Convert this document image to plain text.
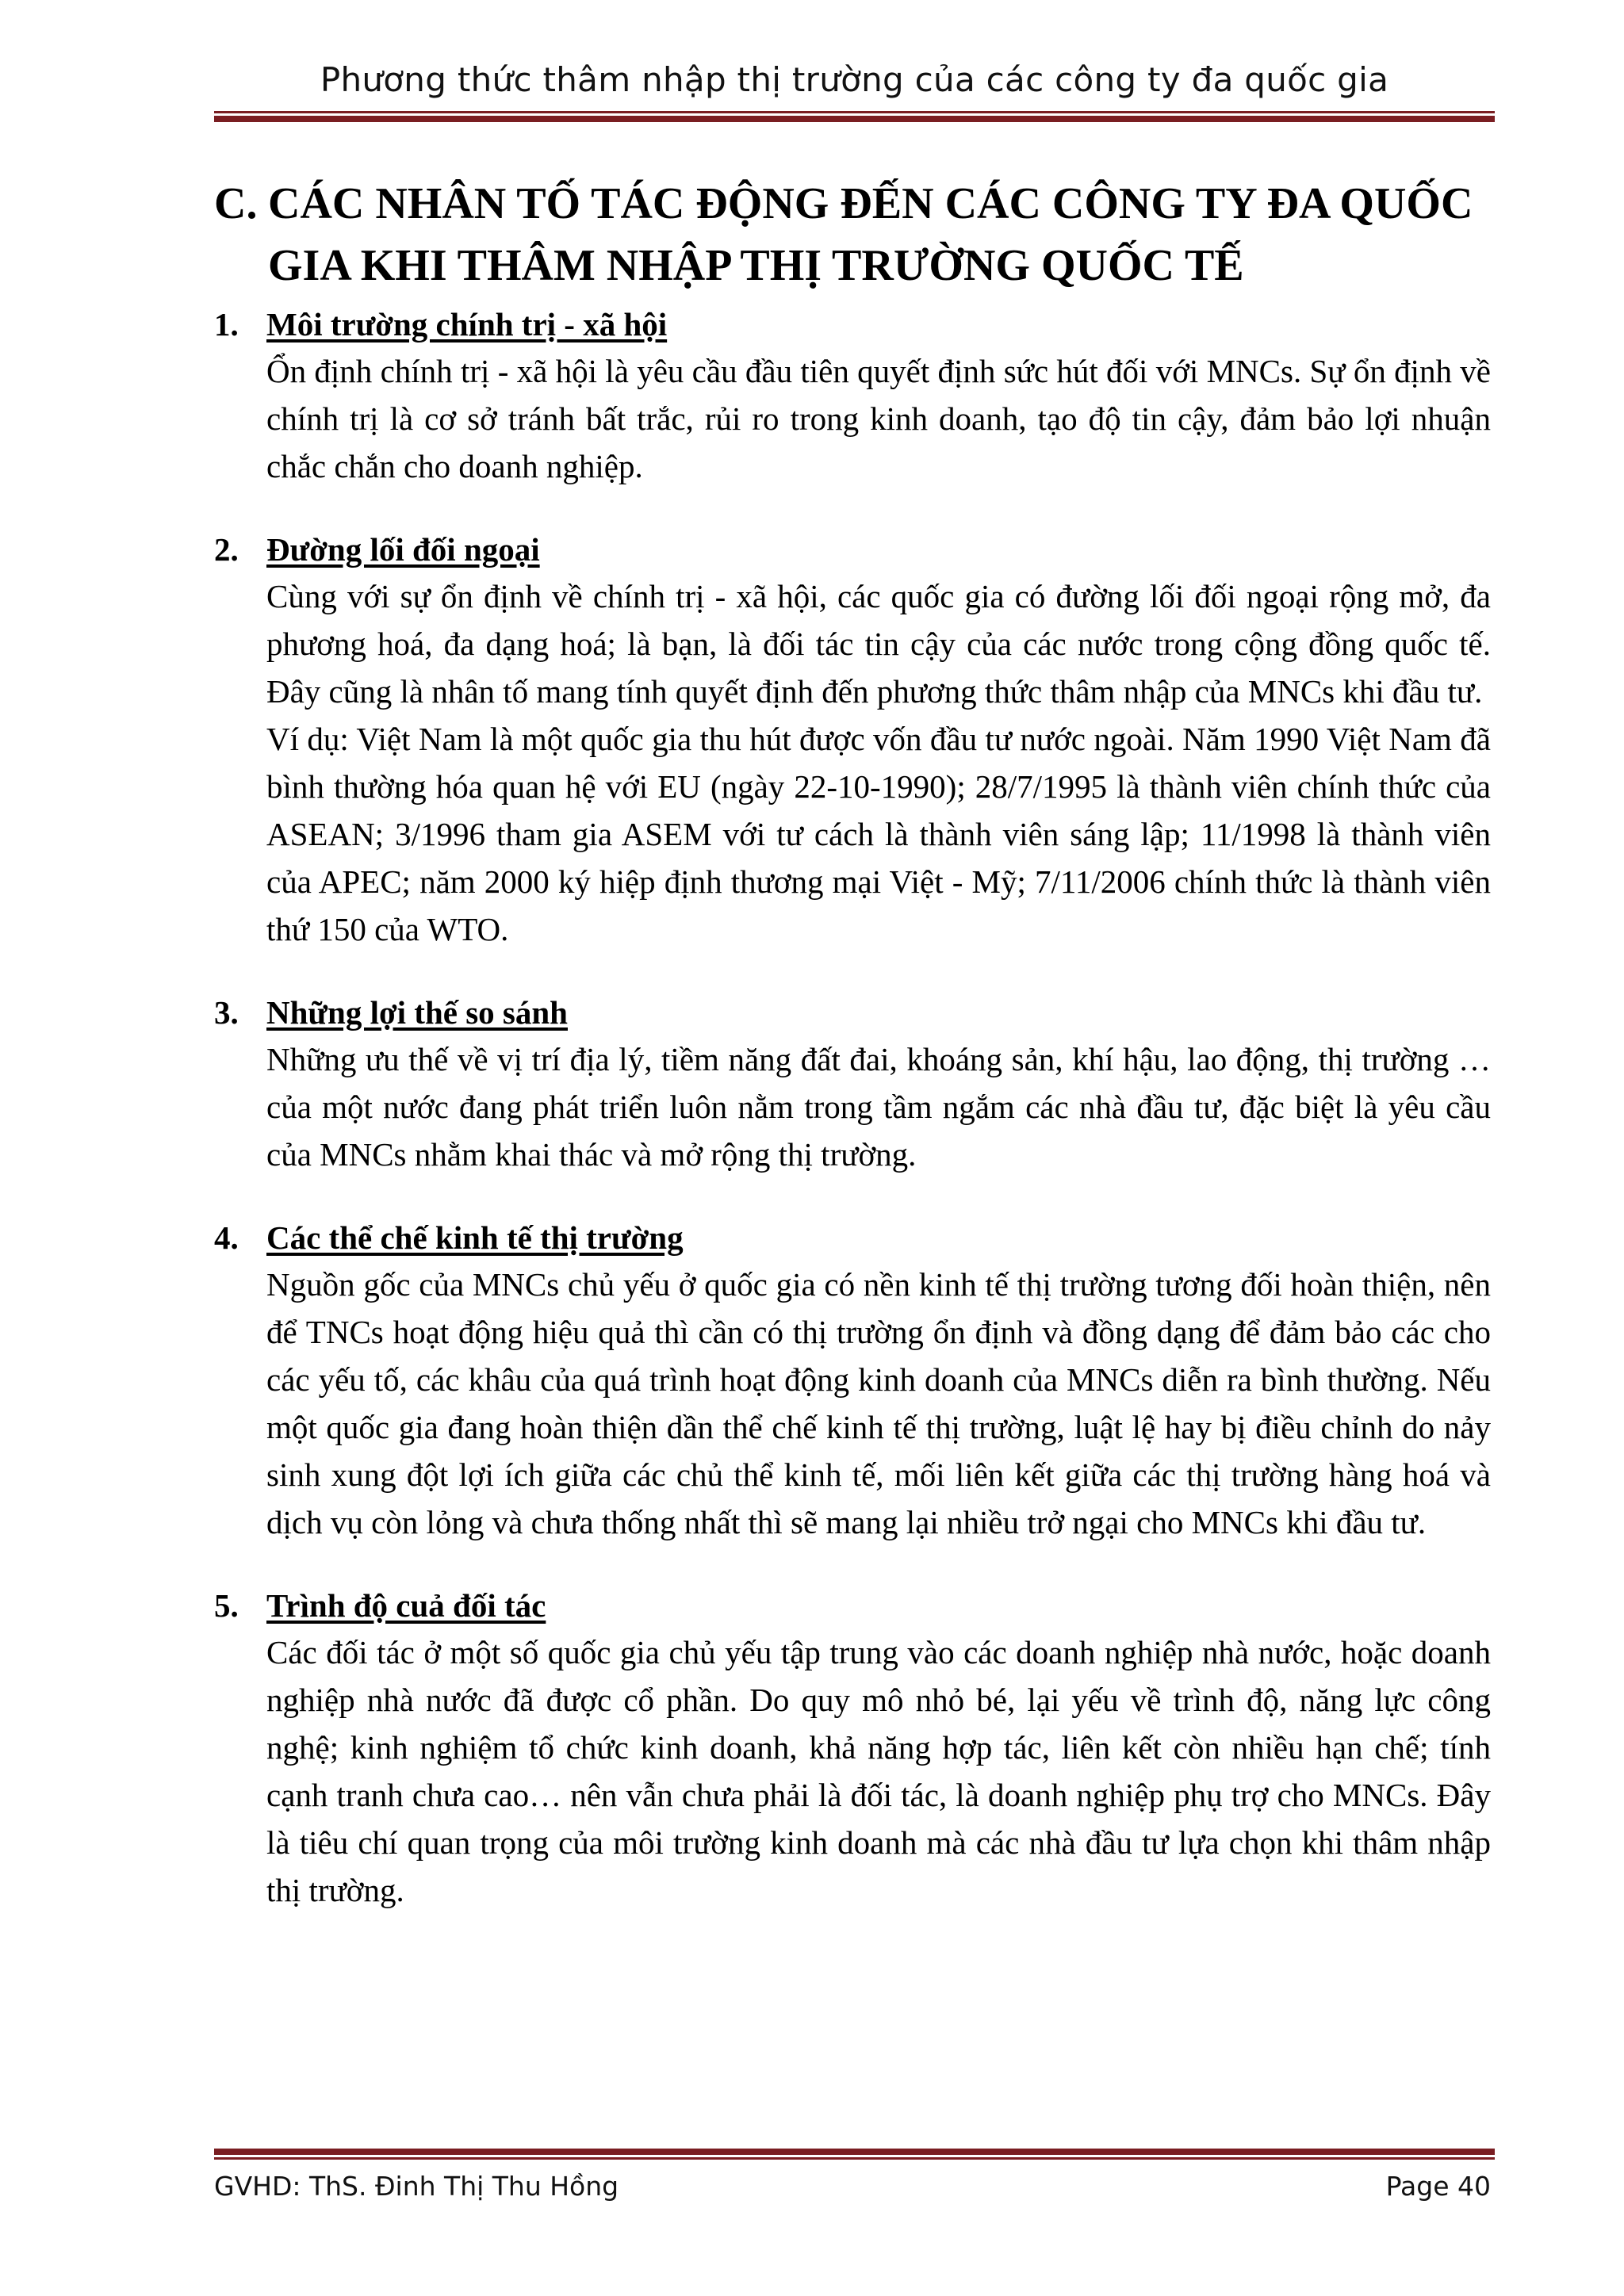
Phương thức thâm nhập thị trường của các công ty đa quốc gia
C. CÁC NHÂN TỐ TÁC ĐỘNG ĐẾN CÁC CÔNG TY ĐA QUỐC GIA KHI THÂM NHẬP THỊ TRƯỜNG QUỐC TẾ
1. Môi trường chính trị - xã hội

Ổn định chính trị - xã hội là yêu cầu đầu tiên quyết định sức hút đối với MNCs. Sự ổn định về chính trị là cơ sở tránh bất trắc, rủi ro trong kinh doanh, tạo độ tin cậy, đảm bảo lợi nhuận chắc chắn cho doanh nghiệp.

2. Đường lối đối ngoại

Cùng với sự ổn định về chính trị - xã hội, các quốc gia có đường lối đối ngoại rộng mở, đa phương hoá, đa dạng hoá; là bạn, là đối tác tin cậy của các nước trong cộng đồng quốc tế. Đây cũng là nhân tố mang tính quyết định đến phương thức thâm nhập của MNCs khi đầu tư.

Ví dụ: Việt Nam là một quốc gia thu hút được vốn đầu tư nước ngoài. Năm 1990 Việt Nam đã bình thường hóa quan hệ với EU (ngày 22-10-1990); 28/7/1995 là thành viên chính thức của ASEAN; 3/1996 tham gia ASEM với tư cách là thành viên sáng lập; 11/1998 là thành viên của APEC; năm 2000 ký hiệp định thương mại Việt - Mỹ; 7/11/2006 chính thức là thành viên thứ 150 của WTO.

3. Những lợi thế so sánh

Những ưu thế về vị trí địa lý, tiềm năng đất đai, khoáng sản, khí hậu, lao động, thị trường …của một nước đang phát triển luôn nằm trong tầm ngắm các nhà đầu tư, đặc biệt là yêu cầu của MNCs nhằm khai thác và mở rộng thị trường.

4. Các thể chế kinh tế thị trường

Nguồn gốc của MNCs chủ yếu ở quốc gia có nền kinh tế thị trường tương đối hoàn thiện, nên để TNCs hoạt động hiệu quả thì cần có thị trường ổn định và đồng dạng để đảm bảo các cho các yếu tố, các khâu của quá trình hoạt động kinh doanh của MNCs diễn ra bình thường. Nếu một quốc gia đang hoàn thiện dần thể chế kinh tế thị trường, luật lệ hay bị điều chỉnh do nảy sinh xung đột lợi ích giữa các chủ thể kinh tế, mối liên kết giữa các thị trường hàng hoá và dịch vụ còn lỏng và chưa thống nhất thì sẽ mang lại nhiều trở ngại cho MNCs khi đầu tư.

5. Trình độ cuả đối tác

Các đối tác ở một số quốc gia chủ yếu tập trung vào các doanh nghiệp nhà nước, hoặc doanh nghiệp nhà nước đã được cổ phần. Do quy mô nhỏ bé, lại yếu về trình độ, năng lực công nghệ; kinh nghiệm tổ chức kinh doanh, khả năng hợp tác, liên kết còn nhiều hạn chế; tính cạnh tranh chưa cao… nên vẫn chưa phải là đối tác, là doanh nghiệp phụ trợ cho MNCs. Đây là tiêu chí quan trọng của môi trường kinh doanh mà các nhà đầu tư lựa chọn khi thâm nhập thị trường.

GVHD: ThS. Đinh Thị Thu Hồng	Page 40
